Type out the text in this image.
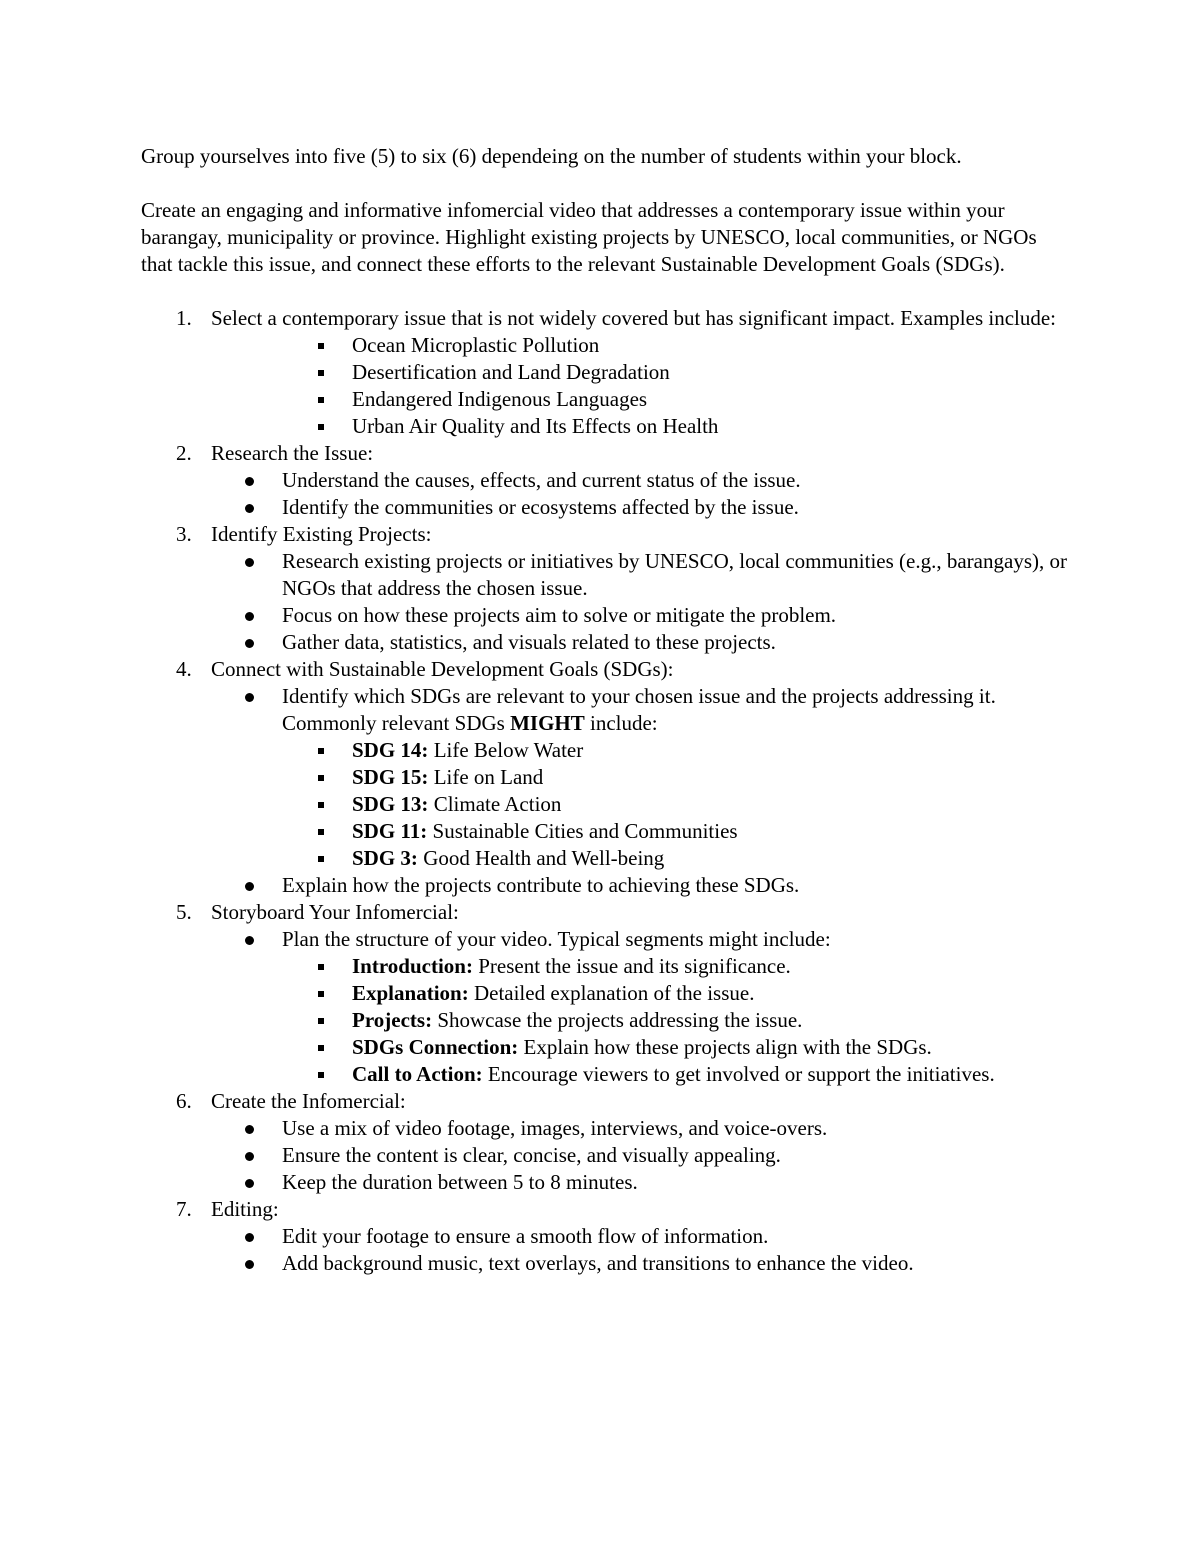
Group yourselves into five (5) to six (6) dependeing on the number of students within your block.

Create an engaging and informative infomercial video that addresses a contemporary issue within your barangay, municipality or province. Highlight existing projects by UNESCO, local communities, or NGOs that tackle this issue, and connect these efforts to the relevant Sustainable Development Goals (SDGs).

1. Select a contemporary issue that is not widely covered but has significant impact. Examples include:
Ocean Microplastic Pollution
Desertification and Land Degradation
Endangered Indigenous Languages
Urban Air Quality and Its Effects on Health
2. Research the Issue:
Understand the causes, effects, and current status of the issue.
Identify the communities or ecosystems affected by the issue.
3. Identify Existing Projects:
Research existing projects or initiatives by UNESCO, local communities (e.g., barangays), or NGOs that address the chosen issue.
Focus on how these projects aim to solve or mitigate the problem.
Gather data, statistics, and visuals related to these projects.
4. Connect with Sustainable Development Goals (SDGs):
Identify which SDGs are relevant to your chosen issue and the projects addressing it. Commonly relevant SDGs MIGHT include:
SDG 14: Life Below Water
SDG 15: Life on Land
SDG 13: Climate Action
SDG 11: Sustainable Cities and Communities
SDG 3: Good Health and Well-being
Explain how the projects contribute to achieving these SDGs.
5. Storyboard Your Infomercial:
Plan the structure of your video. Typical segments might include:
Introduction: Present the issue and its significance.
Explanation: Detailed explanation of the issue.
Projects: Showcase the projects addressing the issue.
SDGs Connection: Explain how these projects align with the SDGs.
Call to Action: Encourage viewers to get involved or support the initiatives.
6. Create the Infomercial:
Use a mix of video footage, images, interviews, and voice-overs.
Ensure the content is clear, concise, and visually appealing.
Keep the duration between 5 to 8 minutes.
7. Editing:
Edit your footage to ensure a smooth flow of information.
Add background music, text overlays, and transitions to enhance the video.
